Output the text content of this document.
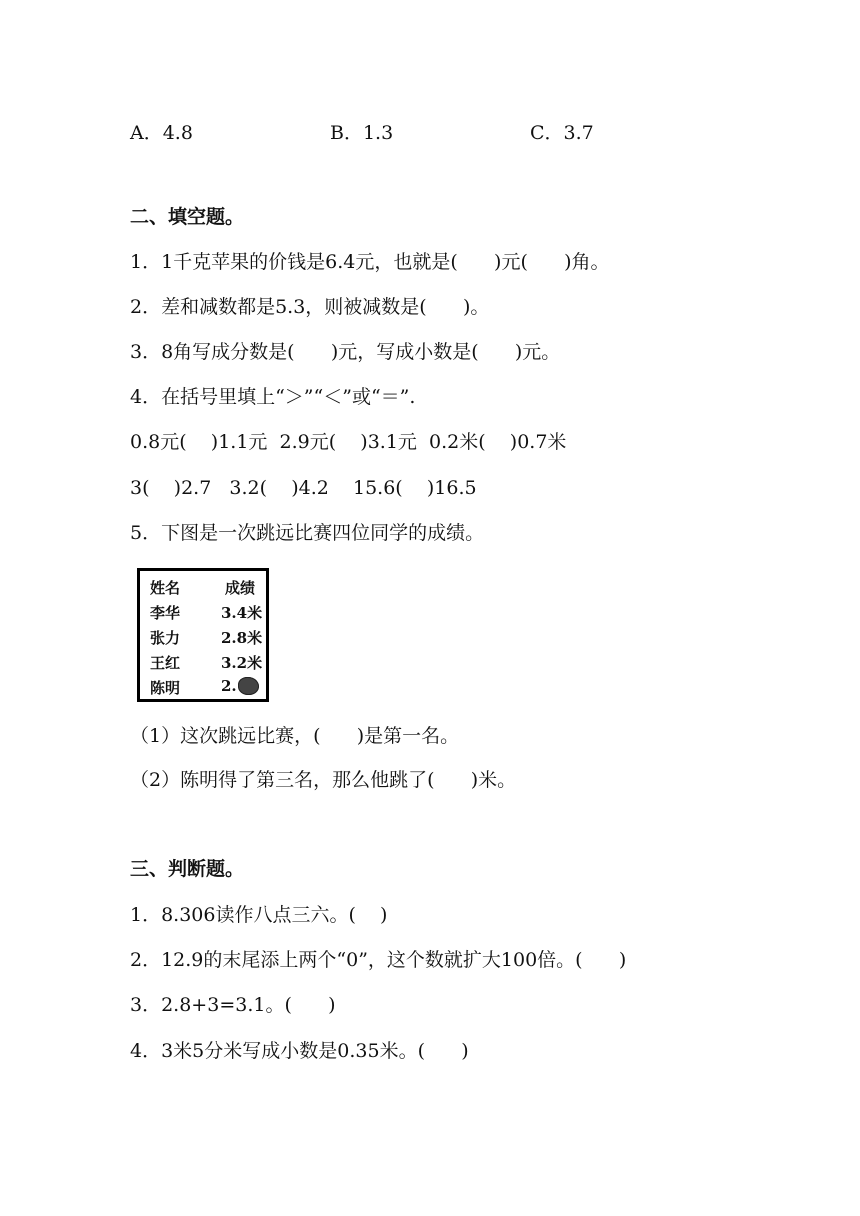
A．4.8	B．1.3	C．3.7
二、填空题。
1．1千克苹果的价钱是6.4元，也就是(      )元(      )角。
2．差和减数都是5.3，则被减数是(      )。
3．8角写成分数是(      )元，写成小数是(      )元。
4．在括号里填上“＞”“＜”或“＝”.
0.8元(    )1.1元  2.9元(    )3.1元  0.2米(    )0.7米
3(    )2.7   3.2(    )4.2    15.6(    )16.5
5．下图是一次跳远比赛四位同学的成绩。
姓名	成绩
李华	3.4米
张力	2.8米
王红	3.2米
陈明	2.
（1）这次跳远比赛，(      )是第一名。
（2）陈明得了第三名，那么他跳了(      )米。
三、判断题。
1．8.306读作八点三六。(    )
2．12.9的末尾添上两个“0”，这个数就扩大100倍。(      )
3．2.8+3=3.1。(      )
4．3米5分米写成小数是0.35米。(      )
